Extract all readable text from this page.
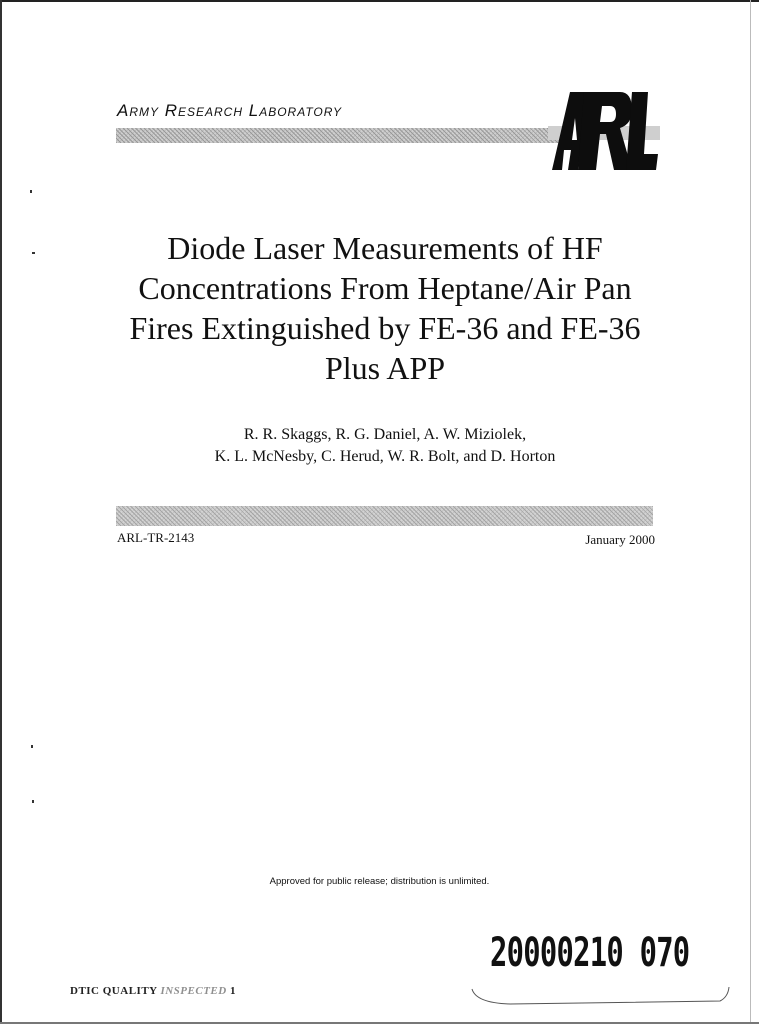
Army Research Laboratory
Diode Laser Measurements of HF
Concentrations From Heptane/Air Pan
Fires Extinguished by FE-36 and FE-36
Plus APP
R. R. Skaggs, R. G. Daniel, A. W. Miziolek,
K. L. McNesby, C. Herud, W. R. Bolt, and D. Horton
ARL-TR-2143	January 2000
Approved for public release; distribution is unlimited.
20000210 070
DTIC QUALITY INSPECTED 1
